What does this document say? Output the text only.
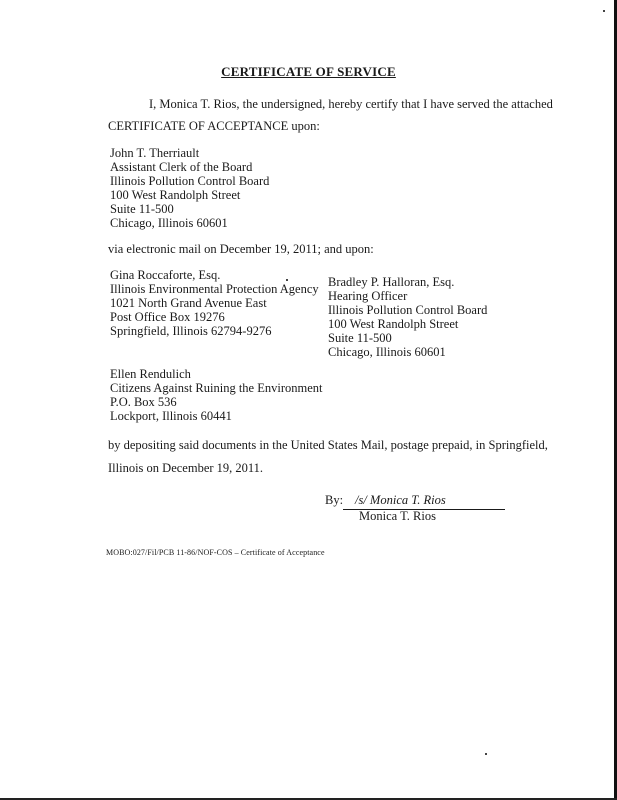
CERTIFICATE OF SERVICE
I, Monica T. Rios, the undersigned, hereby certify that I have served the attached
CERTIFICATE OF ACCEPTANCE upon:
John T. Therriault
Assistant Clerk of the Board
Illinois Pollution Control Board
100 West Randolph Street
Suite 11-500
Chicago, Illinois 60601
via electronic mail on December 19, 2011; and upon:
Gina Roccaforte, Esq.
Illinois Environmental Protection Agency
1021 North Grand Avenue East
Post Office Box 19276
Springfield, Illinois 62794-9276
Bradley P. Halloran, Esq.
Hearing Officer
Illinois Pollution Control Board
100 West Randolph Street
Suite 11-500
Chicago, Illinois 60601
Ellen Rendulich
Citizens Against Ruining the Environment
P.O. Box 536
Lockport, Illinois 60441
by depositing said documents in the United States Mail, postage prepaid, in Springfield,
Illinois on December 19, 2011.
By: /s/ Monica T. Rios
Monica T. Rios
MOBO:027/Fil/PCB 11-86/NOF-COS – Certificate of Acceptance
